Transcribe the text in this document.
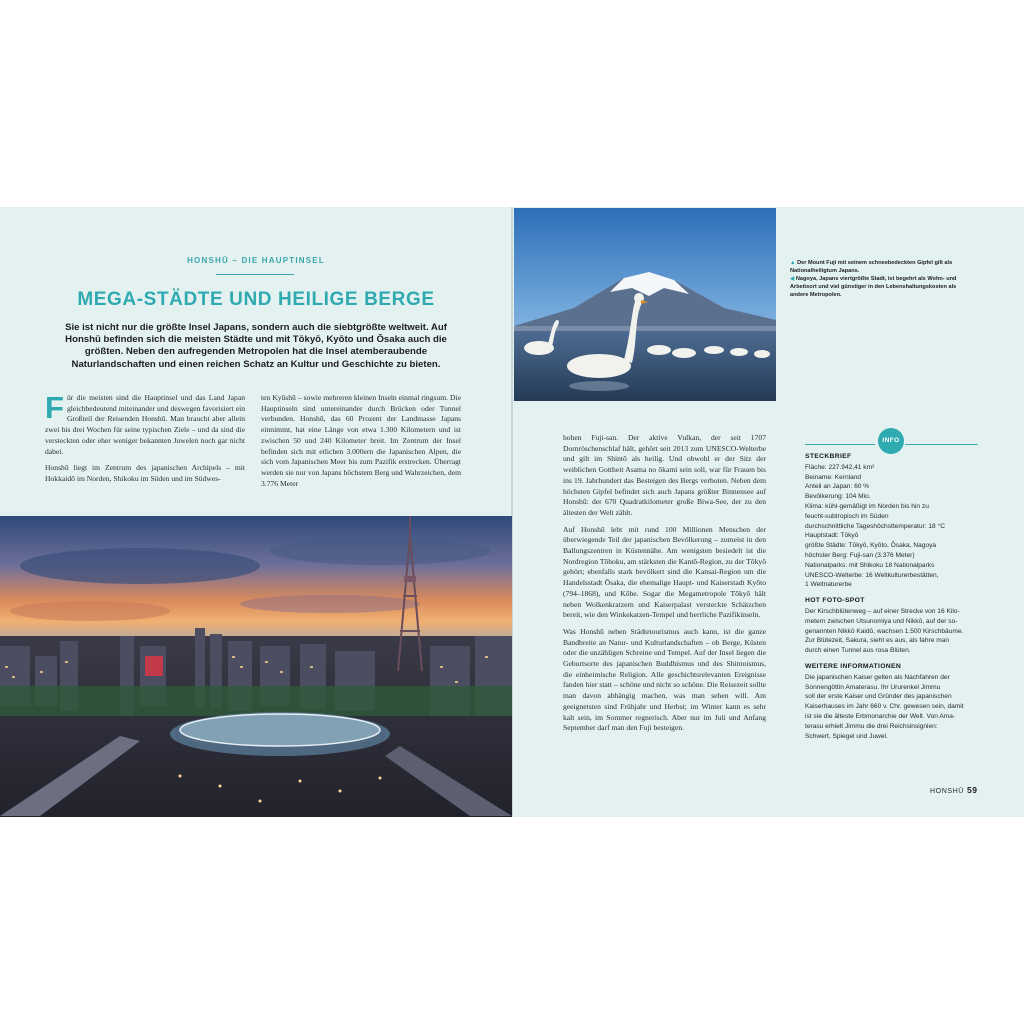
HONSHŪ – DIE HAUPTINSEL
MEGA-STÄDTE UND HEILIGE BERGE
Sie ist nicht nur die größte Insel Japans, sondern auch die siebtgrößte weltweit. Auf Honshū befinden sich die meisten Städte und mit Tōkyō, Kyōto und Ōsaka auch die größten. Neben den aufregenden Metropolen hat die Insel atemberaubende Naturlandschaften und einen reichen Schatz an Kultur und Geschichte zu bieten.

Für die meisten sind die Hauptinsel und das Land Japan gleichbedeutend miteinander und deswegen favorisiert ein Großteil der Reisenden Honshū. Man braucht aber allein zwei bis drei Wochen für seine typischen Ziele – und da sind die versteckten oder eher weniger bekannten Juwelen noch gar nicht dabei.

Honshū liegt im Zentrum des japanischen Archipels – mit Hokkaidō im Norden, Shikoku im Süden und im Südwes-

ten Kyūshū – sowie mehreren kleinen Inseln einmal ringsum. Die Hauptinseln sind untereinander durch Brücken oder Tunnel verbunden. Honshū, das 60 Prozent der Landmasse Japans einnimmt, hat eine Länge von etwa 1.300 Kilometern und ist zwischen 50 und 240 Kilometer breit. Im Zentrum der Insel befinden sich mit etlichen 3.000ern die Japanischen Alpen, die sich vom Japanischen Meer bis zum Pazifik erstrecken. Überragt werden sie nur von Japans höchstem Berg und Wahrzeichen, dem 3.776 Meter

▲ Der Mount Fuji mit seinem schneebedeckten Gipfel gilt als Nationalheiligtum Japans.
◀ Nagoya, Japans viertgrößte Stadt, ist begehrt als Wohn- und Arbeitsort und viel günstiger in den Lebenshaltungskosten als andere Metropolen.

hohen Fuji-san. Der aktive Vulkan, der seit 1707 Dornröschenschlaf hält, gehört seit 2013 zum UNESCO-Welterbe und gilt im Shintō als heilig. Und obwohl er der Sitz der weiblichen Gottheit Asama no ōkami sein soll, war für Frauen bis ins 19. Jahrhundert das Besteigen des Bergs verboten. Neben dem höchsten Gipfel befindet sich auch Japans größter Binnensee auf Honshū: der 670 Quadratkilometer große Biwa-See, der zu den ältesten der Welt zählt.

Auf Honshū lebt mit rund 100 Millionen Menschen der überwiegende Teil der japanischen Bevölkerung – zumeist in den Ballungszentren in Küstennähe. Am wenigsten besiedelt ist die Nordregion Tōhoku, am stärksten die Kantō-Region, zu der Tōkyō gehört; ebenfalls stark bevölkert sind die Kansai-Region um die Handelsstadt Ōsaka, die ehemalige Haupt- und Kaiserstadt Kyōto (794–1868), und Kōbe. Sogar die Megametropole Tōkyō hält neben Wolkenkratzern und Kaiserpalast versteckte Schätzchen bereit, wie den Winkekatzen-Tempel und herrliche Pazifikinseln.

Was Honshū neben Städtetourismus auch kann, ist die ganze Bandbreite an Natur- und Kulturlandschaften – ob Berge, Küsten oder die unzähligen Schreine und Tempel. Auf der Insel liegen die Geburtsorte des japanischen Buddhismus und des Shintoismus, die einheimische Religion. Alle geschichtsrelevanten Ereignisse fanden hier statt – schöne und nicht so schöne. Die Reisezeit sollte man davon abhängig machen, was man sehen will. Am geeignetsten sind Frühjahr und Herbst; im Winter kann es sehr kalt sein, im Sommer regnerisch. Aber nur im Juli und Anfang September darf man den Fuji besteigen.

INFO
STECKBRIEF
Fläche: 227.942,41 km²
Beiname: Kernland
Anteil an Japan: 60 %
Bevölkerung: 104 Mio.
Klima: kühl-gemäßigt im Norden bis hin zu
feucht-subtropisch im Süden
durchschnittliche Tageshöchsttemperatur: 18 °C
Hauptstadt: Tōkyō
größte Städte: Tōkyō, Kyōto, Ōsaka, Nagoya
höchster Berg: Fuji-san (3.376 Meter)
Nationalparks: mit Shikoku 18 Nationalparks
UNESCO-Welterbe: 16 Weltkulturerbestätten,
1 Weltnaturerbe
HOT FOTO-SPOT
Der Kirschblütenweg – auf einer Strecke von 16 Kilo-
metern zwischen Utsunomiya und Nikkō, auf der so-
genannten Nikkō Kaidō, wachsen 1.500 Kirschbäume.
Zur Blütezeit, Sakura, sieht es aus, als fahre man
durch einen Tunnel aus rosa Blüten.
WEITERE INFORMATIONEN
Die japanischen Kaiser gelten als Nachfahren der
Sonnengöttin Amaterasu. Ihr Ururenkel Jimmu
soll der erste Kaiser und Gründer des japanischen
Kaiserhauses im Jahr 660 v. Chr. gewesen sein, damit
ist sie die älteste Erbmonarchie der Welt. Von Ama-
terasu erhielt Jimmu die drei Reichsinsignien:
Schwert, Spiegel und Juwel.
HONSHŪ 59
